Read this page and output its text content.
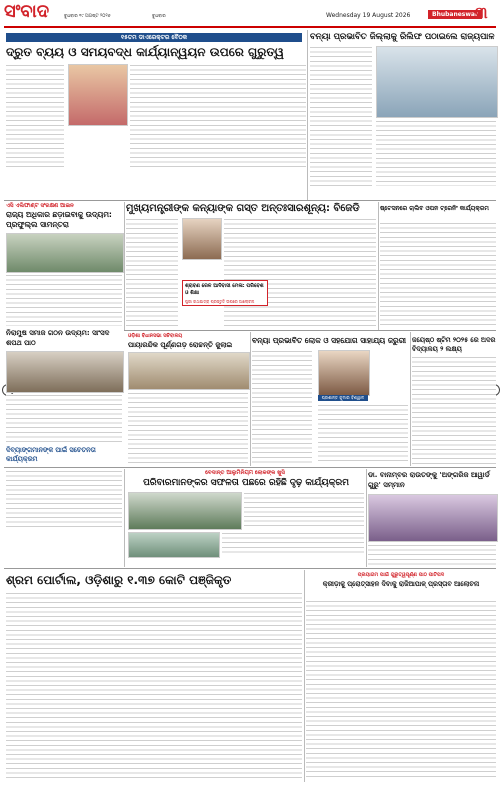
ସଂବାଦ	ବୁଧବାର ୧୯ ଅଗଷ୍ଟ ୨୦୨୬	ବୁଧବାର	Wednesday 19 August 2026	Bhubaneswar
୩
୧୫ତମ ଡାଏରେକ୍ଟର ବୈଠକ
ଦ୍ରୁତ ବ୍ୟୟ ଓ ସମୟବଦ୍ଧ କାର୍ଯ୍ୟାନ୍ୱୟନ ଉପରେ ଗୁରୁତ୍ୱ
ବନ୍ୟା ପ୍ରଭାବିତ ଜିଲ୍ଲାକୁ ରିଲିଫ ପଠାଇଲେ ରାଜ୍ୟପାଳ
ଏସି ଏଲିଫାଣ୍ଟ ସଂରକ୍ଷଣ ଆଇନ
ରାଜ୍ୟ ଅଧିକାର ଛଡ଼ାଇବାକୁ ଉଦ୍ୟମ: ପ୍ରଫୁଲ୍ଲ ସାମନ୍ତରା
ମୁଖ୍ୟମନ୍ତ୍ରୀଙ୍କ କନ୍ୟାଙ୍କ ଗସ୍ତ ଅନ୍ତଃସାରଶୂନ୍ୟ: ବିଜେଡି
ଶ୍ରାବଣ ରେଳ ଆଦିବାସୀ ମେଳା: ପରିବେଶ ଓ ଶିକ୍ଷା
ପୁରୀ ରଥଯାତ୍ରା ପ୍ରସ୍ତୁତି ଉପରେ ଆଲୋଚନା
ଷ୍ଟେସନରେ ଚାଲିବ ଓପନ ଟ୍ରେନିଂ କାର୍ଯ୍ୟକ୍ରମ
ନିରାମୁଷ ସମାଜ ଗଠନ ଉଦ୍ୟମ: ସାଂସଦ ଶପଥ ପାଠ
ଓଡ଼ିଶା ବିଧାନସଭା ସଚିବାଳୟ
ପାୟାରନ୍ଦିକ ପୂର୍ଣ୍ଣଗଡ଼ ରୋଚ୍ଚନ୍ତି ଜୁଲାଇ	ବନ୍ୟା ପ୍ରଭାବିତ ଲୋକ ଓ ସହଯୋଗ ସାହାଯ୍ୟ ଜରୁରୀ
ପ୍ରଶାନ୍ତ କୁମାର ବିଶ୍ୱାଳ
ଜୟେଷ୍ଠ ଷ୍ଟିମ ୨୦୨୫ ରେ ଅଦର ବିଦ୍ୟାଳୟ ୨ ଲକ୍ଷ୍ୟ
ଦିବ୍ୟାଙ୍ଗମାନଙ୍କ ପାଇଁ ସଚେତନତା କାର୍ଯ୍ୟକ୍ରମ
ବେଦାନ୍ତ ଆଲୁମିନିୟମ ଲୋକଙ୍କ ଖୁସି
ପରିବାରମାନଙ୍କର ସଫଳତା ପଛରେ ରହିଛି ଦୃଢ଼ କାର୍ଯ୍ୟକ୍ରମ
ଡା. ବାନାମ୍ବର ରାଉତଙ୍କୁ 'ଅଙ୍ଗରିଜ ଆୱାର୍ଡ ଗୁରୁ' ସମ୍ମାନ
ଶ୍ରମ ପୋର୍ଟାଲ, ଓଡ଼ିଶାରୁ ୧.୩୭ କୋଟି ପଞ୍ଜିକୃତ	ପ୍ରୟାଗମ ପାଇଁ ଗୁରୁତ୍ୱପୂର୍ଣ୍ଣ ପାଠ ପାଟିପଦ
କ୍ରୀଡ଼ାକୁ ପ୍ରୋତ୍ସାହନ ଦିବାକୁ ରାଜିଆପାଳ୍ ପ୍ରସ୍ତାବ ଆଲୋଚନା
